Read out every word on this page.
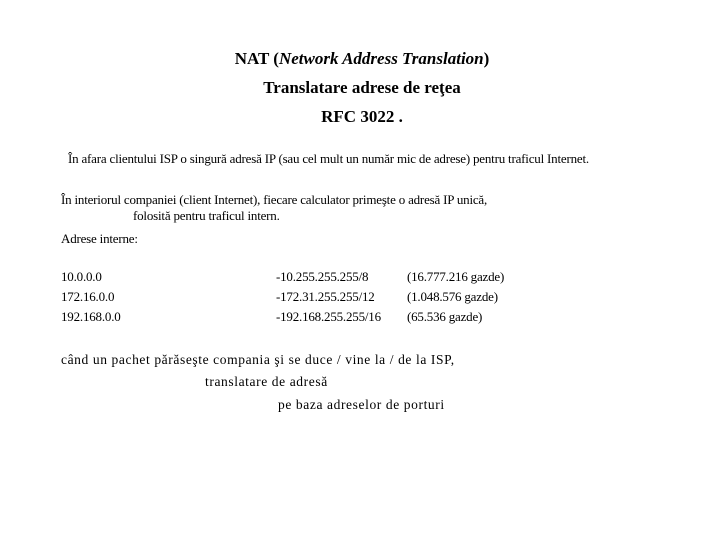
NAT (Network Address Translation)
Translatare adrese de reţea
RFC 3022 .
În afara clientului ISP o singură adresă IP (sau cel mult un număr mic de adrese) pentru traficul Internet.
În interiorul companiei (client Internet), fiecare calculator primeşte o adresă IP unică,
folosită pentru traficul intern.
Adrese interne:
10.0.0.0	-10.255.255.255/8	(16.777.216 gazde)
172.16.0.0	-172.31.255.255/12 (1.048.576 gazde)
192.168.0.0	-192.168.255.255/16 (65.536 gazde)
când un pachet părăseşte compania şi se duce / vine la / de la ISP,
translatare de adresă
pe baza adreselor de porturi
